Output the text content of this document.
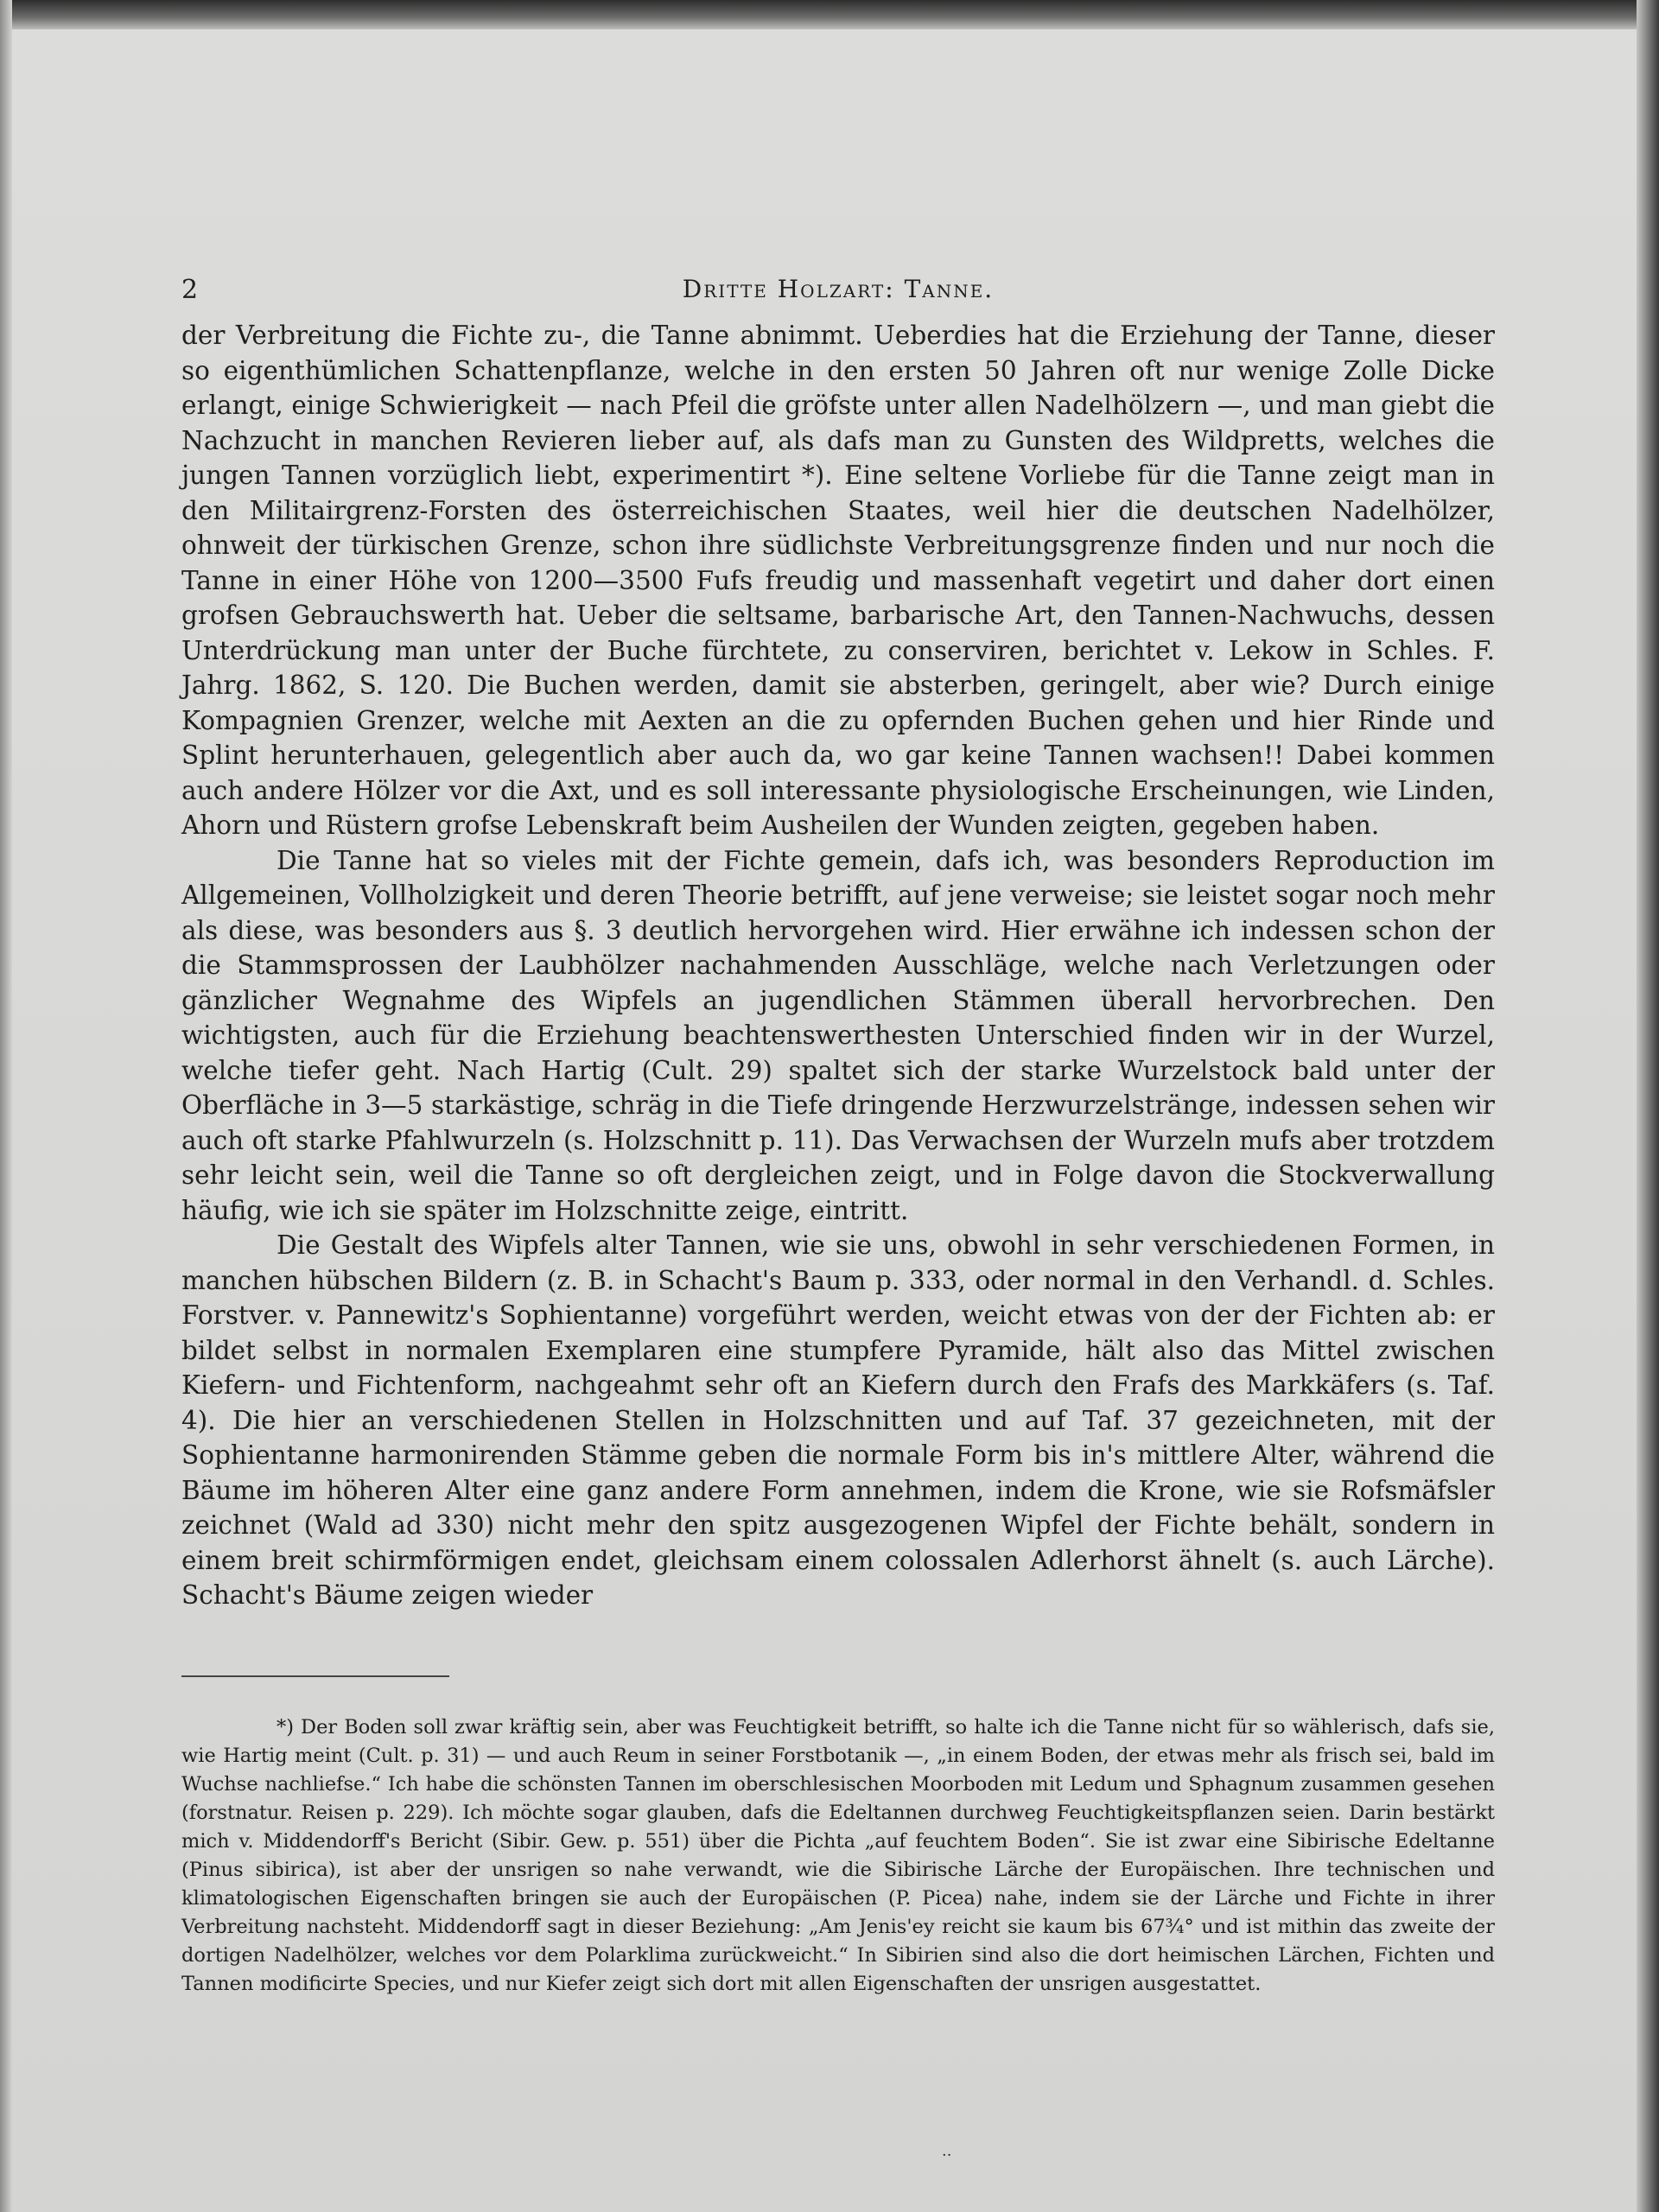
2	Dritte Holzart: Tanne.

der Verbreitung die Fichte zu-, die Tanne abnimmt. Ueberdies hat die Erziehung der Tanne, dieser so eigenthümlichen Schattenpflanze, welche in den ersten 50 Jahren oft nur wenige Zolle Dicke erlangt, einige Schwierigkeit — nach Pfeil die gröfste unter allen Nadelhölzern —, und man giebt die Nachzucht in manchen Revieren lieber auf, als dafs man zu Gunsten des Wildpretts, welches die jungen Tannen vorzüglich liebt, experimentirt *). Eine seltene Vorliebe für die Tanne zeigt man in den Militairgrenz-Forsten des österreichischen Staates, weil hier die deutschen Nadelhölzer, ohnweit der türkischen Grenze, schon ihre südlichste Verbreitungsgrenze finden und nur noch die Tanne in einer Höhe von 1200—3500 Fufs freudig und massenhaft vegetirt und daher dort einen grofsen Gebrauchswerth hat. Ueber die seltsame, barbarische Art, den Tannen-Nachwuchs, dessen Unterdrückung man unter der Buche fürchtete, zu conserviren, berichtet v. Lekow in Schles. F. Jahrg. 1862, S. 120. Die Buchen werden, damit sie absterben, geringelt, aber wie? Durch einige Kompagnien Grenzer, welche mit Aexten an die zu opfernden Buchen gehen und hier Rinde und Splint herunterhauen, gelegentlich aber auch da, wo gar keine Tannen wachsen!! Dabei kommen auch andere Hölzer vor die Axt, und es soll interessante physiologische Erscheinungen, wie Linden, Ahorn und Rüstern grofse Lebenskraft beim Ausheilen der Wunden zeigten, gegeben haben.

Die Tanne hat so vieles mit der Fichte gemein, dafs ich, was besonders Reproduction im Allgemeinen, Vollholzigkeit und deren Theorie betrifft, auf jene verweise; sie leistet sogar noch mehr als diese, was besonders aus §. 3 deutlich hervorgehen wird. Hier erwähne ich indessen schon der die Stammsprossen der Laubhölzer nachahmenden Ausschläge, welche nach Verletzungen oder gänzlicher Wegnahme des Wipfels an jugendlichen Stämmen überall hervorbrechen. Den wichtigsten, auch für die Erziehung beachtenswerthesten Unterschied finden wir in der Wurzel, welche tiefer geht. Nach Hartig (Cult. 29) spaltet sich der starke Wurzelstock bald unter der Oberfläche in 3—5 starkästige, schräg in die Tiefe dringende Herzwurzelstränge, indessen sehen wir auch oft starke Pfahlwurzeln (s. Holzschnitt p. 11). Das Verwachsen der Wurzeln mufs aber trotzdem sehr leicht sein, weil die Tanne so oft dergleichen zeigt, und in Folge davon die Stockverwallung häufig, wie ich sie später im Holzschnitte zeige, eintritt.

Die Gestalt des Wipfels alter Tannen, wie sie uns, obwohl in sehr verschiedenen Formen, in manchen hübschen Bildern (z. B. in Schacht's Baum p. 333, oder normal in den Verhandl. d. Schles. Forstver. v. Pannewitz's Sophientanne) vorgeführt werden, weicht etwas von der der Fichten ab: er bildet selbst in normalen Exemplaren eine stumpfere Pyramide, hält also das Mittel zwischen Kiefern- und Fichtenform, nachgeahmt sehr oft an Kiefern durch den Frafs des Markkäfers (s. Taf. 4). Die hier an verschiedenen Stellen in Holzschnitten und auf Taf. 37 gezeichneten, mit der Sophientanne harmonirenden Stämme geben die normale Form bis in's mittlere Alter, während die Bäume im höheren Alter eine ganz andere Form annehmen, indem die Krone, wie sie Rofsmäfsler zeichnet (Wald ad 330) nicht mehr den spitz ausgezogenen Wipfel der Fichte behält, sondern in einem breit schirmförmigen endet, gleichsam einem colossalen Adlerhorst ähnelt (s. auch Lärche). Schacht's Bäume zeigen wieder

*) Der Boden soll zwar kräftig sein, aber was Feuchtigkeit betrifft, so halte ich die Tanne nicht für so wählerisch, dafs sie, wie Hartig meint (Cult. p. 31) — und auch Reum in seiner Forstbotanik —, „in einem Boden, der etwas mehr als frisch sei, bald im Wuchse nachliefse.“ Ich habe die schönsten Tannen im oberschlesischen Moorboden mit Ledum und Sphagnum zusammen gesehen (forstnatur. Reisen p. 229). Ich möchte sogar glauben, dafs die Edeltannen durchweg Feuchtigkeitspflanzen seien. Darin bestärkt mich v. Middendorff's Bericht (Sibir. Gew. p. 551) über die Pichta „auf feuchtem Boden“. Sie ist zwar eine Sibirische Edeltanne (Pinus sibirica), ist aber der unsrigen so nahe verwandt, wie die Sibirische Lärche der Europäischen. Ihre technischen und klimatologischen Eigenschaften bringen sie auch der Europäischen (P. Picea) nahe, indem sie der Lärche und Fichte in ihrer Verbreitung nachsteht. Middendorff sagt in dieser Beziehung: „Am Jenis'ey reicht sie kaum bis 67¾° und ist mithin das zweite der dortigen Nadelhölzer, welches vor dem Polarklima zurückweicht.“ In Sibirien sind also die dort heimischen Lärchen, Fichten und Tannen modificirte Species, und nur Kiefer zeigt sich dort mit allen Eigenschaften der unsrigen ausgestattet.

··
